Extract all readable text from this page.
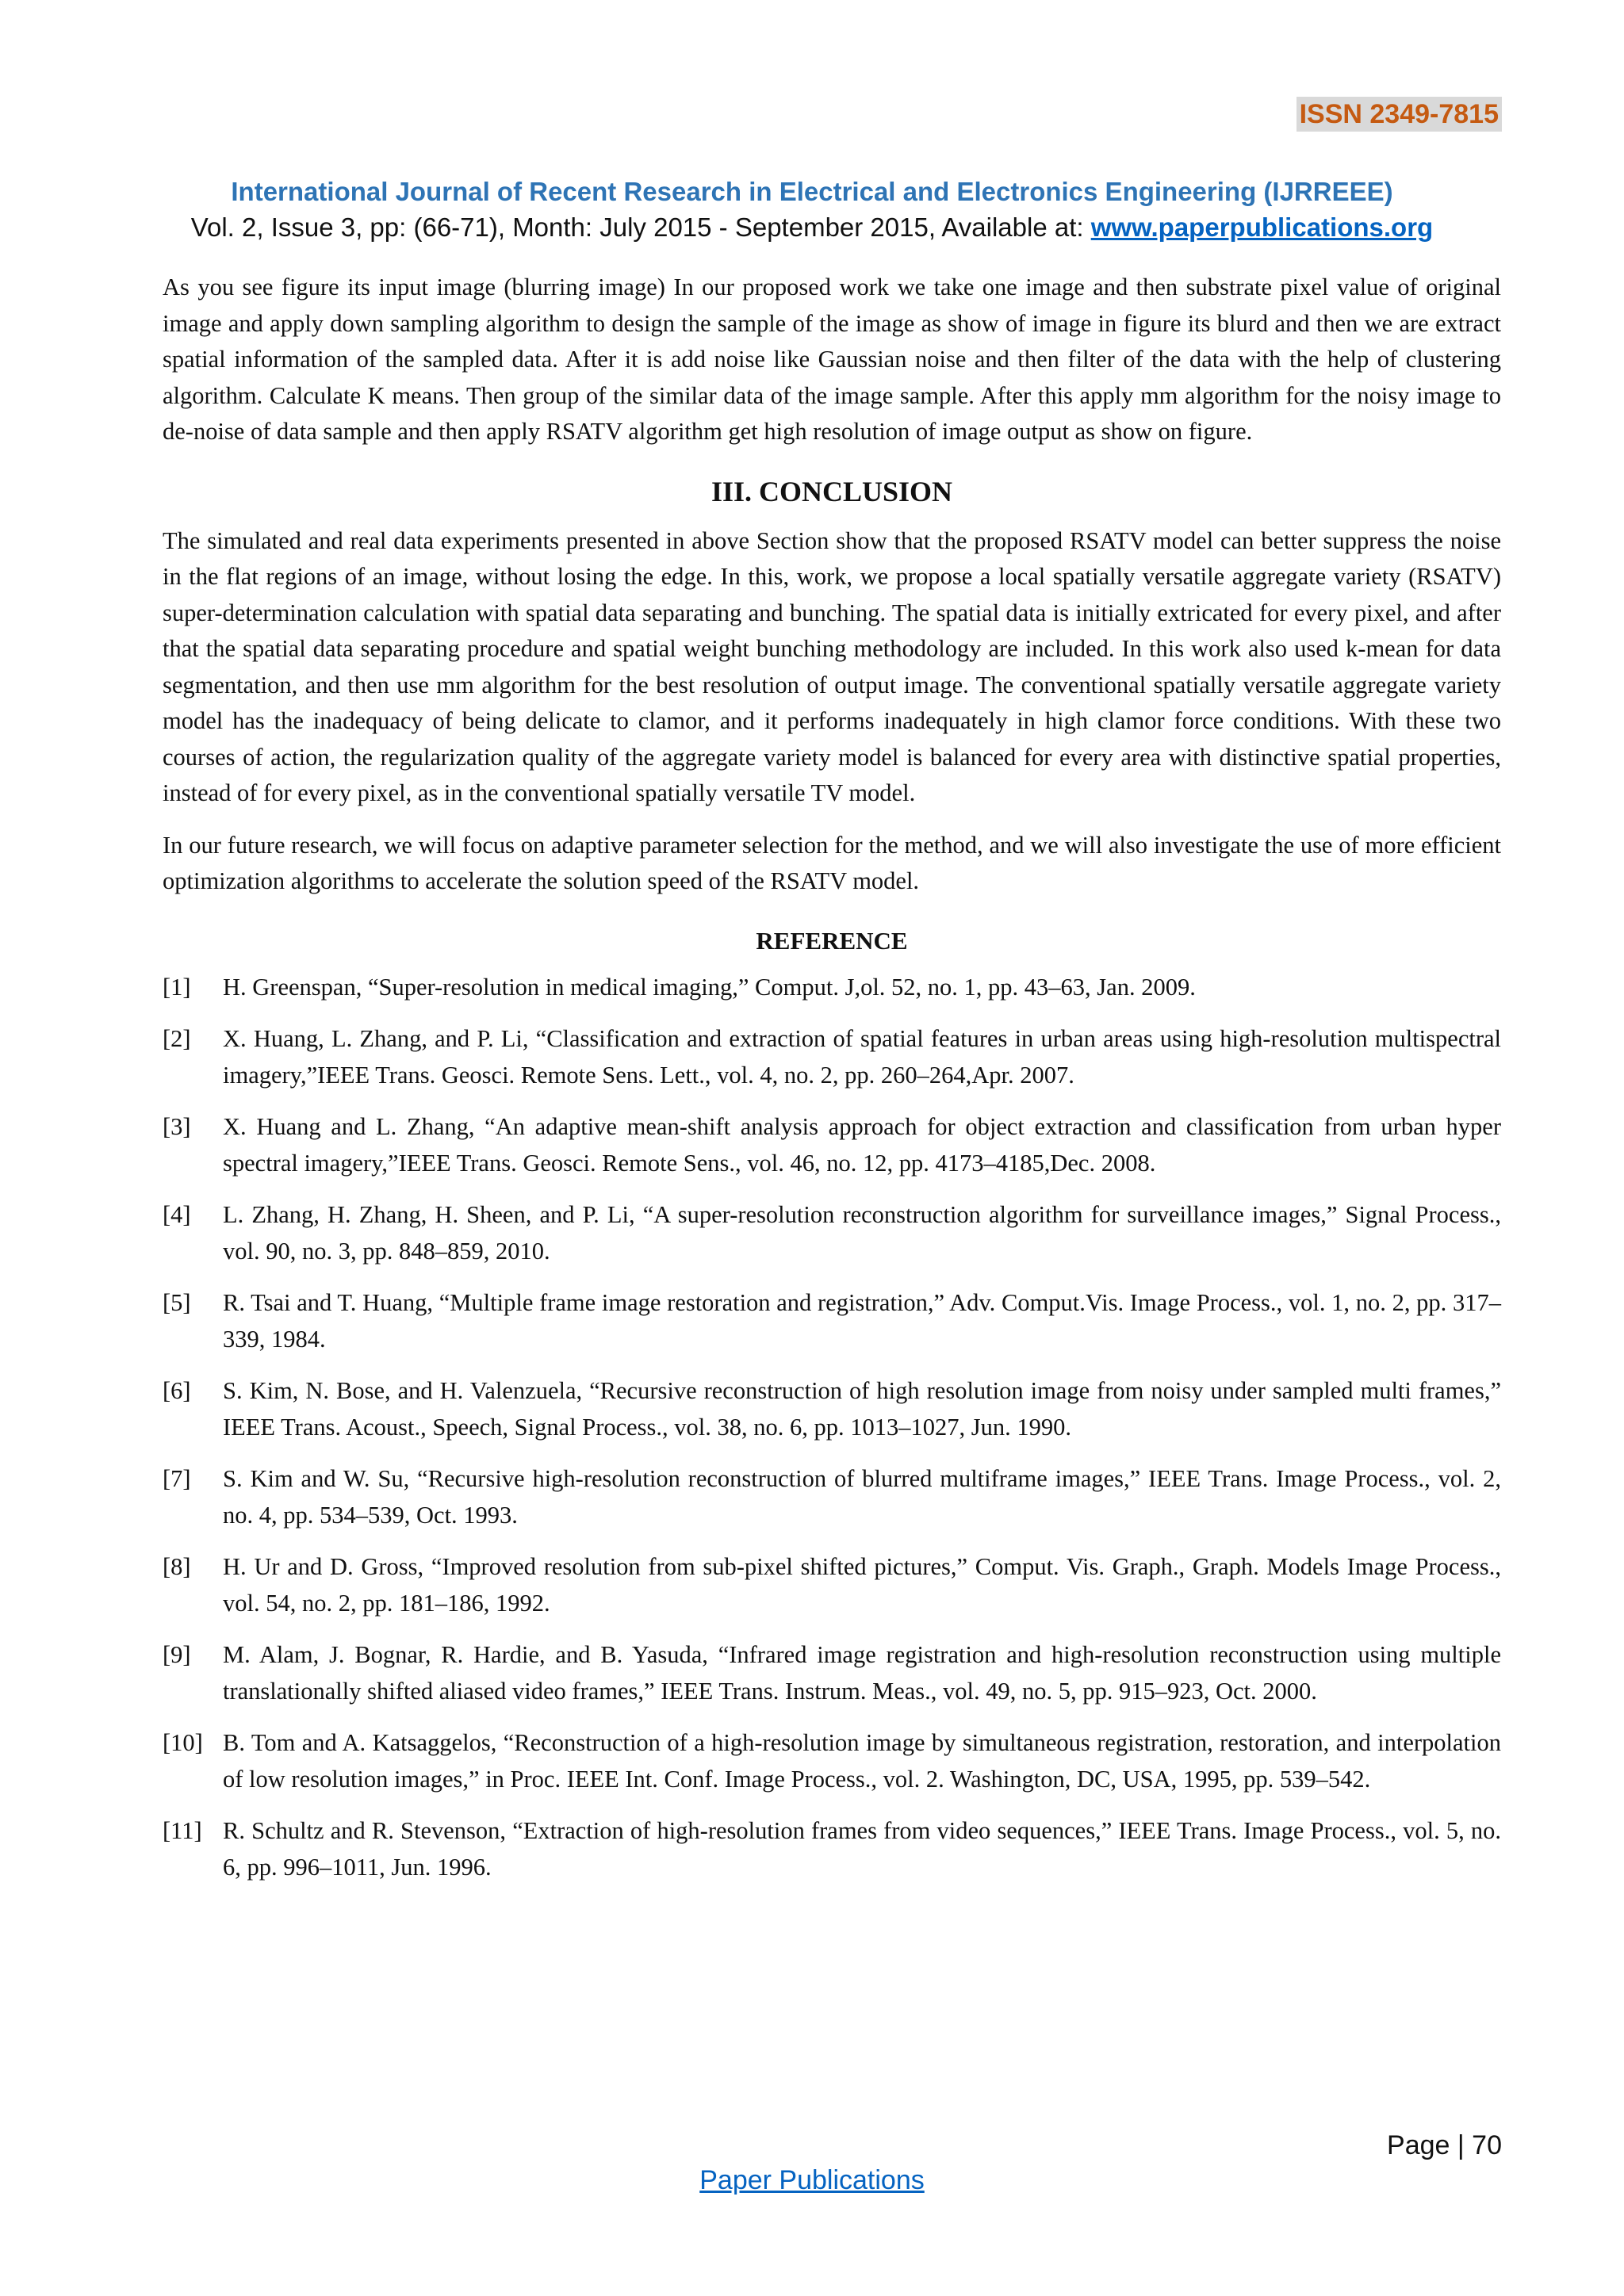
ISSN 2349-7815
International Journal of Recent Research in Electrical and Electronics Engineering (IJRREEE)
Vol. 2, Issue 3, pp: (66-71), Month: July 2015 - September 2015, Available at: www.paperpublications.org

As you see figure its input image (blurring image) In our proposed work we take one image and then substrate pixel value of original image and apply down sampling algorithm to design the sample of the image as show of image in figure its blurd and then we are extract spatial information of the sampled data. After it is add noise like Gaussian noise and then filter of the data with the help of clustering algorithm. Calculate K means. Then group of the similar data of the image sample. After this apply mm algorithm for the noisy image to de-noise of data sample and then apply RSATV algorithm get high resolution of image output as show on figure.

III. CONCLUSION

The simulated and real data experiments presented in above Section show that the proposed RSATV model can better suppress the noise in the flat regions of an image, without losing the edge. In this, work, we propose a local spatially versatile aggregate variety (RSATV) super-determination calculation with spatial data separating and bunching. The spatial data is initially extricated for every pixel, and after that the spatial data separating procedure and spatial weight bunching methodology are included. In this work also used k-mean for data segmentation, and then use mm algorithm for the best resolution of output image. The conventional spatially versatile aggregate variety model has the inadequacy of being delicate to clamor, and it performs inadequately in high clamor force conditions. With these two courses of action, the regularization quality of the aggregate variety model is balanced for every area with distinctive spatial properties, instead of for every pixel, as in the conventional spatially versatile TV model.

In our future research, we will focus on adaptive parameter selection for the method, and we will also investigate the use of more efficient optimization algorithms to accelerate the solution speed of the RSATV model.

REFERENCE
[1]	H. Greenspan, “Super-resolution in medical imaging,” Comput. J,ol. 52, no. 1, pp. 43–63, Jan. 2009.
[2]	X. Huang, L. Zhang, and P. Li, “Classification and extraction of spatial features in urban areas using high-resolution multispectral imagery,”IEEE Trans. Geosci. Remote Sens. Lett., vol. 4, no. 2, pp. 260–264,Apr. 2007.
[3]	X. Huang and L. Zhang, “An adaptive mean-shift analysis approach for object extraction and classification from urban hyper spectral imagery,”IEEE Trans. Geosci. Remote Sens., vol. 46, no. 12, pp. 4173–4185,Dec. 2008.
[4]	L. Zhang, H. Zhang, H. Sheen, and P. Li, “A super-resolution reconstruction algorithm for surveillance images,” Signal Process., vol. 90, no. 3, pp. 848–859, 2010.
[5]	R. Tsai and T. Huang, “Multiple frame image restoration and registration,” Adv. Comput.Vis. Image Process., vol. 1, no. 2, pp. 317–339, 1984.
[6]	S. Kim, N. Bose, and H. Valenzuela, “Recursive reconstruction of high resolution image from noisy under sampled multi frames,” IEEE Trans. Acoust., Speech, Signal Process., vol. 38, no. 6, pp. 1013–1027, Jun. 1990.
[7]	S. Kim and W. Su, “Recursive high-resolution reconstruction of blurred multiframe images,” IEEE Trans. Image Process., vol. 2, no. 4, pp. 534–539, Oct. 1993.
[8]	H. Ur and D. Gross, “Improved resolution from sub-pixel shifted pictures,” Comput. Vis. Graph., Graph. Models Image Process., vol. 54, no. 2, pp. 181–186, 1992.
[9]	M. Alam, J. Bognar, R. Hardie, and B. Yasuda, “Infrared image registration and high-resolution reconstruction using multiple translationally shifted aliased video frames,” IEEE Trans. Instrum. Meas., vol. 49, no. 5, pp. 915–923, Oct. 2000.
[10] B. Tom and A. Katsaggelos, “Reconstruction of a high-resolution image by simultaneous registration, restoration, and interpolation of low resolution images,” in Proc. IEEE Int. Conf. Image Process., vol. 2. Washington, DC, USA, 1995, pp. 539–542.
[11] R. Schultz and R. Stevenson, “Extraction of high-resolution frames from video sequences,” IEEE Trans. Image Process., vol. 5, no. 6, pp. 996–1011, Jun. 1996.
Page | 70
Paper Publications
